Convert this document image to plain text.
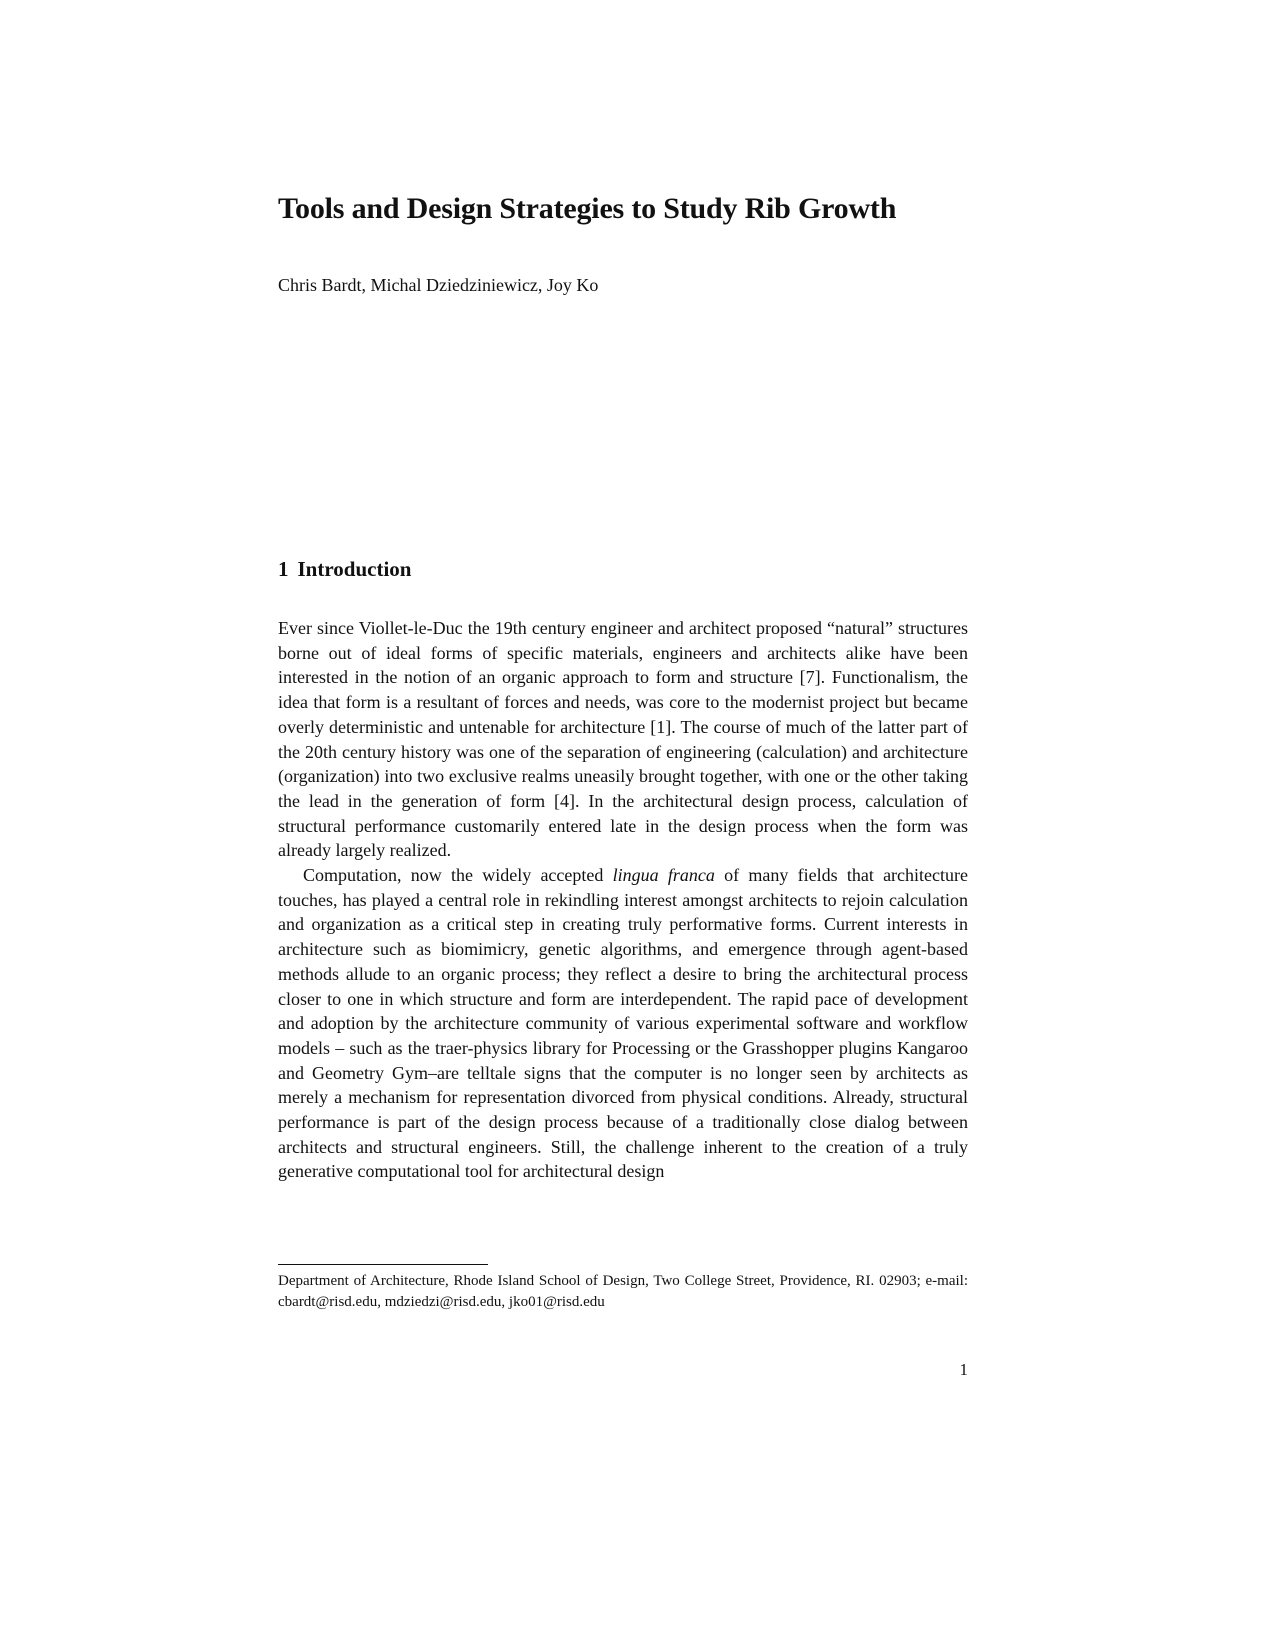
Tools and Design Strategies to Study Rib Growth
Chris Bardt, Michal Dziedziniewicz, Joy Ko
1 Introduction

Ever since Viollet-le-Duc the 19th century engineer and architect proposed “natural” structures borne out of ideal forms of specific materials, engineers and architects alike have been interested in the notion of an organic approach to form and structure [7]. Functionalism, the idea that form is a resultant of forces and needs, was core to the modernist project but became overly deterministic and untenable for architecture [1]. The course of much of the latter part of the 20th century history was one of the separation of engineering (calculation) and architecture (organization) into two exclusive realms uneasily brought together, with one or the other taking the lead in the generation of form [4]. In the architectural design process, calculation of structural performance customarily entered late in the design process when the form was already largely realized.

Computation, now the widely accepted lingua franca of many fields that architecture touches, has played a central role in rekindling interest amongst architects to rejoin calculation and organization as a critical step in creating truly performative forms. Current interests in architecture such as biomimicry, genetic algorithms, and emergence through agent-based methods allude to an organic process; they reflect a desire to bring the architectural process closer to one in which structure and form are interdependent. The rapid pace of development and adoption by the architecture community of various experimental software and workflow models – such as the traer-physics library for Processing or the Grasshopper plugins Kangaroo and Geometry Gym–are telltale signs that the computer is no longer seen by architects as merely a mechanism for representation divorced from physical conditions. Already, structural performance is part of the design process because of a traditionally close dialog between architects and structural engineers. Still, the challenge inherent to the creation of a truly generative computational tool for architectural design

Department of Architecture, Rhode Island School of Design, Two College Street, Providence, RI. 02903; e-mail: cbardt@risd.edu, mdziedzi@risd.edu, jko01@risd.edu
1
